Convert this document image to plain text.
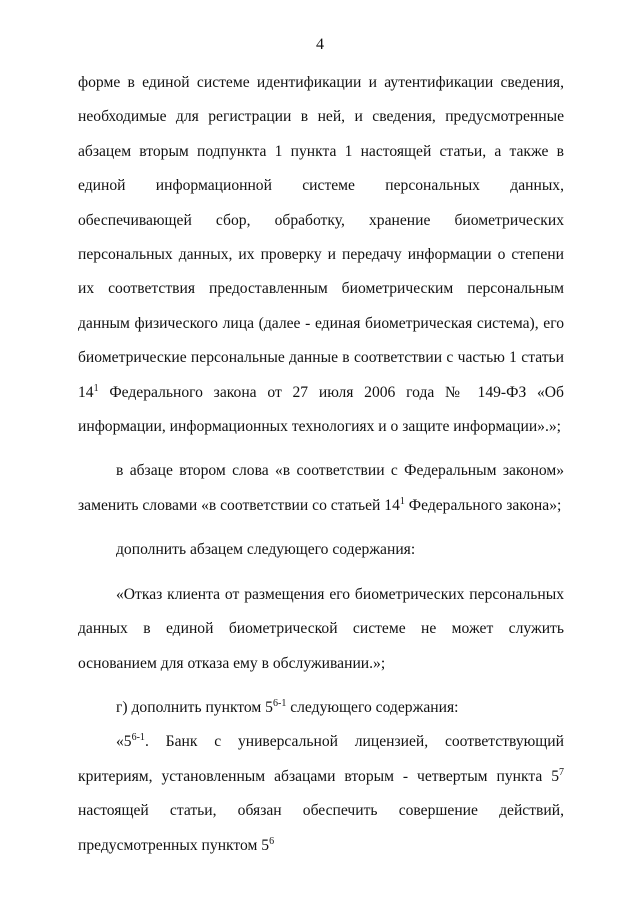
4

форме в единой системе идентификации и аутентификации сведения, необходимые для регистрации в ней, и сведения, предусмотренные абзацем вторым подпункта 1 пункта 1 настоящей статьи, а также в единой информационной системе персональных данных, обеспечивающей сбор, обработку, хранение биометрических персональных данных, их проверку и передачу информации о степени их соответствия предоставленным биометрическим персональным данным физического лица (далее - единая биометрическая система), его биометрические персональные данные в соответствии с частью 1 статьи $14^1$ Федерального закона от 27 июля 2006 года № 149-ФЗ «Об информации, информационных технологиях и о защите информации».»;

в абзаце втором слова «в соответствии с Федеральным законом» заменить словами «в соответствии со статьей $14^1$ Федерального закона»;

дополнить абзацем следующего содержания:

«Отказ клиента от размещения его биометрических персональных данных в единой биометрической системе не может служить основанием для отказа ему в обслуживании.»;

г) дополнить пунктом 5$^{6-1}$ следующего содержания:

«5$^{6-1}$. Банк с универсальной лицензией, соответствующий критериям, установленным абзацами вторым - четвертым пункта $5^7$ настоящей статьи, обязан обеспечить совершение действий, предусмотренных пунктом $5^6$
